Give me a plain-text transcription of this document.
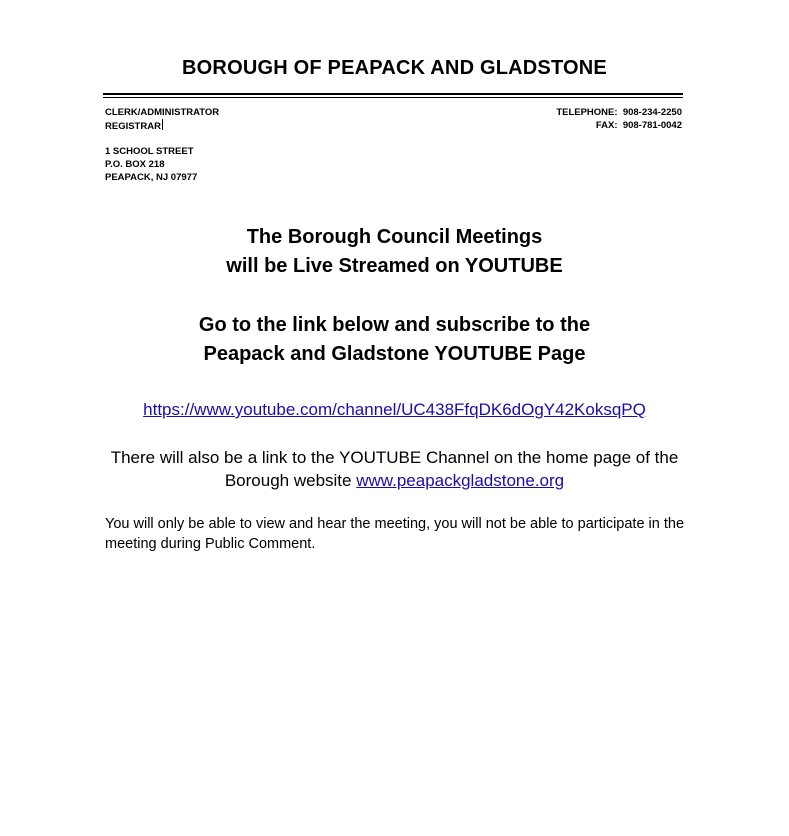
BOROUGH OF PEAPACK AND GLADSTONE
CLERK/ADMINISTRATOR
REGISTRAR
1 SCHOOL STREET
P.O. BOX 218
PEAPACK, NJ 07977
TELEPHONE: 908-234-2250
FAX: 908-781-0042
The Borough Council Meetings
will be Live Streamed on YOUTUBE
Go to the link below and subscribe to the
Peapack and Gladstone YOUTUBE Page
https://www.youtube.com/channel/UC438FfqDK6dOgY42KoksqPQ
There will also be a link to the YOUTUBE Channel on the home page of the
Borough website www.peapackgladstone.org
You will only be able to view and hear the meeting, you will not be able to participate in the meeting during Public Comment.
